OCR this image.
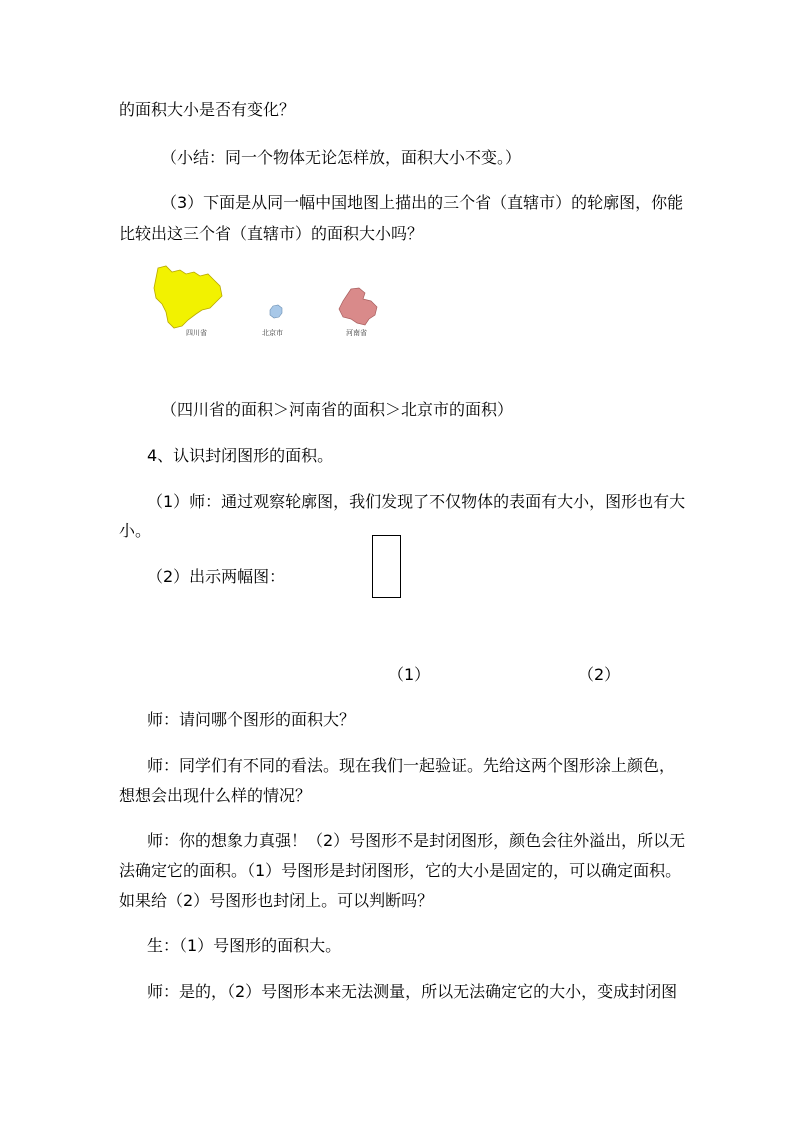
的面积大小是否有变化？
（小结：同一个物体无论怎样放，面积大小不变。）
（3）下面是从同一幅中国地图上描出的三个省（直辖市）的轮廓图，你能
比较出这三个省（直辖市）的面积大小吗？
四川省	北京市	河南省
（四川省的面积＞河南省的面积＞北京市的面积）
4、认识封闭图形的面积。
（1）师：通过观察轮廓图，我们发现了不仅物体的表面有大小，图形也有大
小。
（2）出示两幅图：
（1）	（2）
师：请问哪个图形的面积大？
师：同学们有不同的看法。现在我们一起验证。先给这两个图形涂上颜色，
想想会出现什么样的情况？
师：你的想象力真强！（2）号图形不是封闭图形，颜色会往外溢出，所以无
法确定它的面积。（1）号图形是封闭图形，它的大小是固定的，可以确定面积。
如果给（2）号图形也封闭上。可以判断吗？
生：（1）号图形的面积大。
师：是的，（2）号图形本来无法测量，所以无法确定它的大小，变成封闭图
